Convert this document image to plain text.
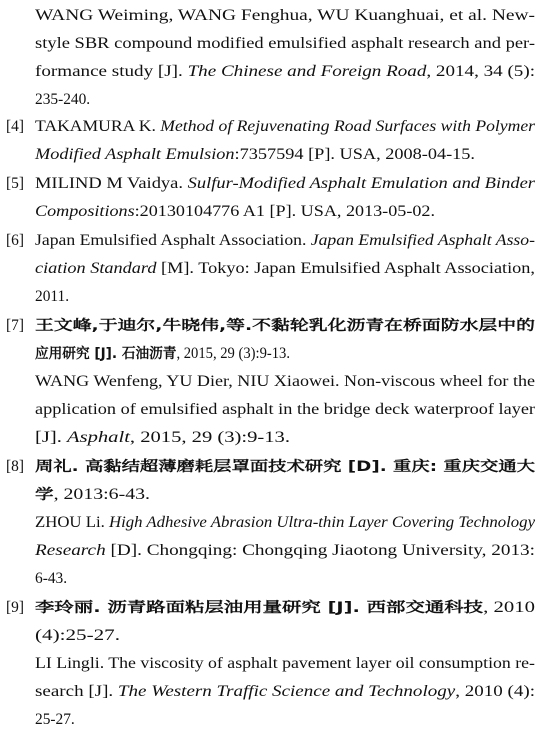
WANG Weiming, WANG Fenghua, WU Kuanghuai, et al. New-
style SBR compound modified emulsified asphalt research and per-
formance study [J]. The Chinese and Foreign Road, 2014, 34 (5):
235-240.
[4] TAKAMURA K. Method of Rejuvenating Road Surfaces with Polymer
Modified Asphalt Emulsion:7357594 [P]. USA, 2008-04-15.
[5] MILIND M Vaidya. Sulfur-Modified Asphalt Emulation and Binder
Compositions:20130104776 A1 [P]. USA, 2013-05-02.
[6] Japan Emulsified Asphalt Association. Japan Emulsified Asphalt Asso-
ciation Standard [M]. Tokyo: Japan Emulsified Asphalt Association,
2011.
[7] 王文峰,于迪尔,牛晓伟,等.不黏轮乳化沥青在桥面防水层中的
应用研究 [J]. 石油沥青, 2015, 29 (3):9-13.
WANG Wenfeng, YU Dier, NIU Xiaowei. Non-viscous wheel for the
application of emulsified asphalt in the bridge deck waterproof layer
[J]. Asphalt, 2015, 29 (3):9-13.
[8] 周礼. 高黏结超薄磨耗层罩面技术研究 [D]. 重庆: 重庆交通大
学, 2013:6-43.
ZHOU Li. High Adhesive Abrasion Ultra-thin Layer Covering Technology
Research [D]. Chongqing: Chongqing Jiaotong University, 2013:
6-43.
[9] 李玲丽. 沥青路面粘层油用量研究 [J]. 西部交通科技, 2010
(4):25-27.
LI Lingli. The viscosity of asphalt pavement layer oil consumption re-
search [J]. The Western Traffic Science and Technology, 2010 (4):
25-27.
